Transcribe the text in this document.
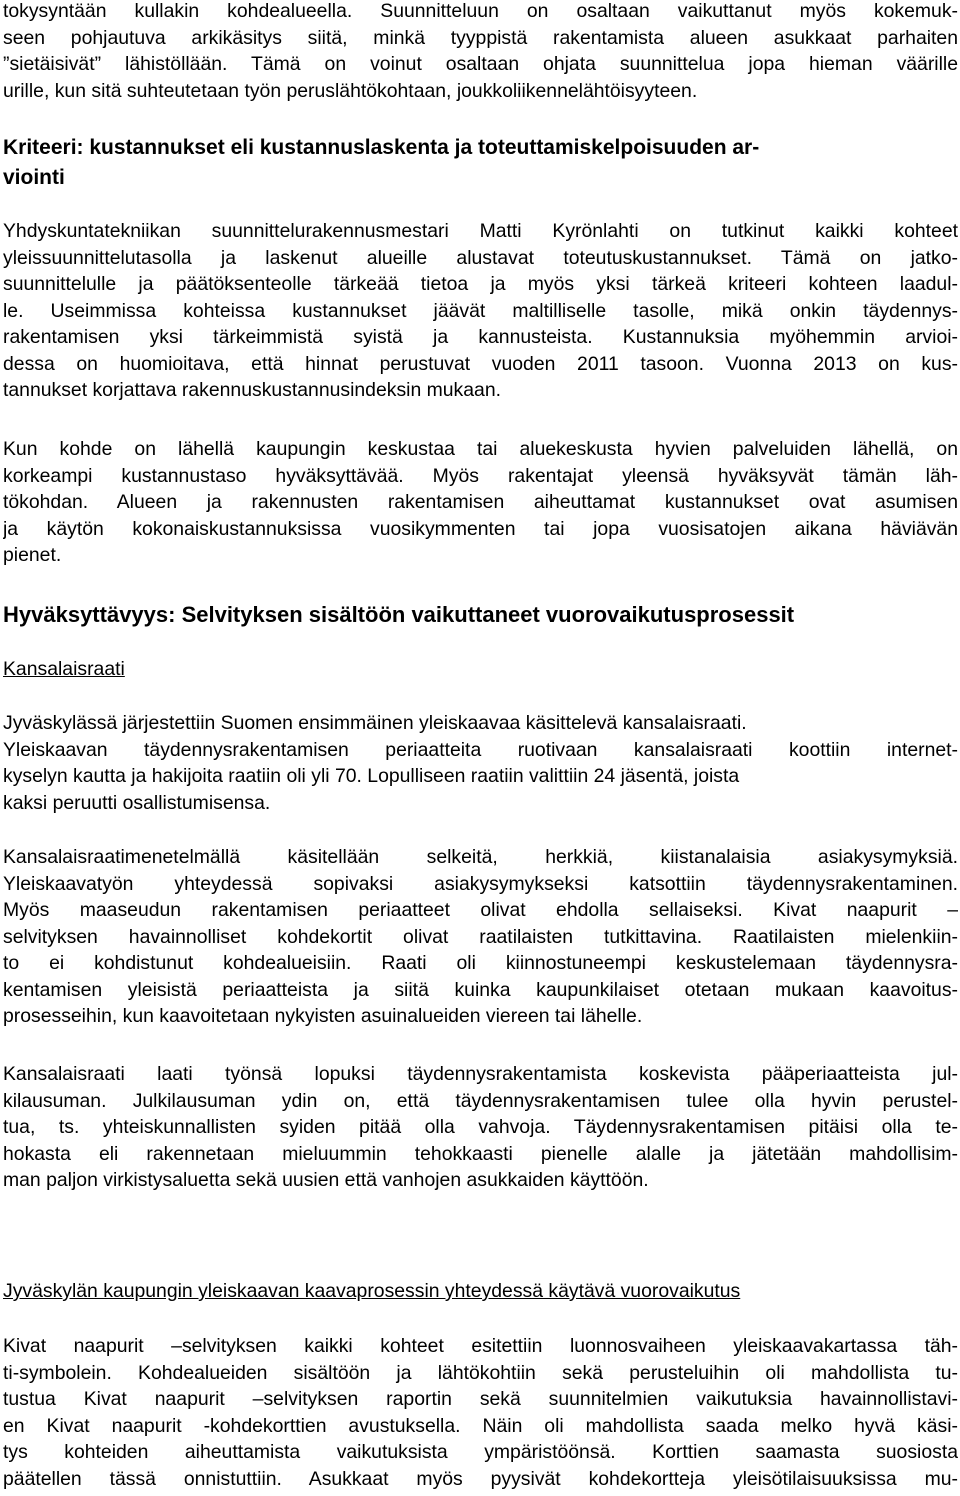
tokysyntään kullakin kohdealueella. Suunnitteluun on osaltaan vaikuttanut myös kokemuk-
seen pohjautuva arkikäsitys siitä, minkä tyyppistä rakentamista alueen asukkaat parhaiten
”sietäisivät” lähistöllään. Tämä on voinut osaltaan ohjata suunnittelua jopa hieman väärille
urille, kun sitä suhteutetaan työn peruslähtökohtaan, joukkoliikennelähtöisyyteen.
Kriteeri: kustannukset eli kustannuslaskenta ja toteuttamiskelpoisuuden ar-
viointi
Yhdyskuntatekniikan suunnittelurakennusmestari Matti Kyrönlahti on tutkinut kaikki kohteet
yleissuunnittelutasolla ja laskenut alueille alustavat toteutuskustannukset. Tämä on jatko-
suunnittelulle ja päätöksenteolle tärkeää tietoa ja myös yksi tärkeä kriteeri kohteen laadul-
le. Useimmissa kohteissa kustannukset jäävät maltilliselle tasolle, mikä onkin täydennys-
rakentamisen yksi tärkeimmistä syistä ja kannusteista. Kustannuksia myöhemmin arvioi-
dessa on huomioitava, että hinnat perustuvat vuoden 2011 tasoon. Vuonna 2013 on kus-
tannukset korjattava rakennuskustannusindeksin mukaan.
Kun kohde on lähellä kaupungin keskustaa tai aluekeskusta hyvien palveluiden lähellä, on
korkeampi kustannustaso hyväksyttävää. Myös rakentajat yleensä hyväksyvät tämän läh-
tökohdan. Alueen ja rakennusten rakentamisen aiheuttamat kustannukset ovat asumisen
ja käytön kokonaiskustannuksissa vuosikymmenten tai jopa vuosisatojen aikana häviävän
pienet.
Hyväksyttävyys: Selvityksen sisältöön vaikuttaneet vuorovaikutusprosessit
Kansalaisraati
Jyväskylässä järjestettiin Suomen ensimmäinen yleiskaavaa käsittelevä kansalaisraati.
Yleiskaavan täydennysrakentamisen periaatteita ruotivaan kansalaisraati koottiin internet-
kyselyn kautta ja hakijoita raatiin oli yli 70. Lopulliseen raatiin valittiin 24 jäsentä, joista
kaksi peruutti osallistumisensa.
Kansalaisraatimenetelmällä käsitellään selkeitä, herkkiä, kiistanalaisia asiakysymyksiä.
Yleiskaavatyön yhteydessä sopivaksi asiakysymykseksi katsottiin täydennysrakentaminen.
Myös maaseudun rakentamisen periaatteet olivat ehdolla sellaiseksi. Kivat naapurit –
selvityksen havainnolliset kohdekortit olivat raatilaisten tutkittavina. Raatilaisten mielenkiin-
to ei kohdistunut kohdealueisiin. Raati oli kiinnostuneempi keskustelemaan täydennysra-
kentamisen yleisistä periaatteista ja siitä kuinka kaupunkilaiset otetaan mukaan kaavoitus-
prosesseihin, kun kaavoitetaan nykyisten asuinalueiden viereen tai lähelle.
Kansalaisraati laati työnsä lopuksi täydennysrakentamista koskevista pääperiaatteista jul-
kilausuman. Julkilausuman ydin on, että täydennysrakentamisen tulee olla hyvin perustel-
tua, ts. yhteiskunnallisten syiden pitää olla vahvoja. Täydennysrakentamisen pitäisi olla te-
hokasta eli rakennetaan mieluummin tehokkaasti pienelle alalle ja jätetään mahdollisim-
man paljon virkistysaluetta sekä uusien että vanhojen asukkaiden käyttöön.
Jyväskylän kaupungin yleiskaavan kaavaprosessin yhteydessä käytävä vuorovaikutus
Kivat naapurit –selvityksen kaikki kohteet esitettiin luonnosvaiheen yleiskaavakartassa täh-
ti-symbolein. Kohdealueiden sisältöön ja lähtökohtiin sekä perusteluihin oli mahdollista tu-
tustua Kivat naapurit –selvityksen raportin sekä suunnitelmien vaikutuksia havainnollistavi-
en Kivat naapurit -kohdekorttien avustuksella. Näin oli mahdollista saada melko hyvä käsi-
tys kohteiden aiheuttamista vaikutuksista ympäristöönsä. Korttien saamasta suosiosta
päätellen tässä onnistuttiin. Asukkaat myös pyysivät kohdekortteja yleisötilaisuuksissa mu-
